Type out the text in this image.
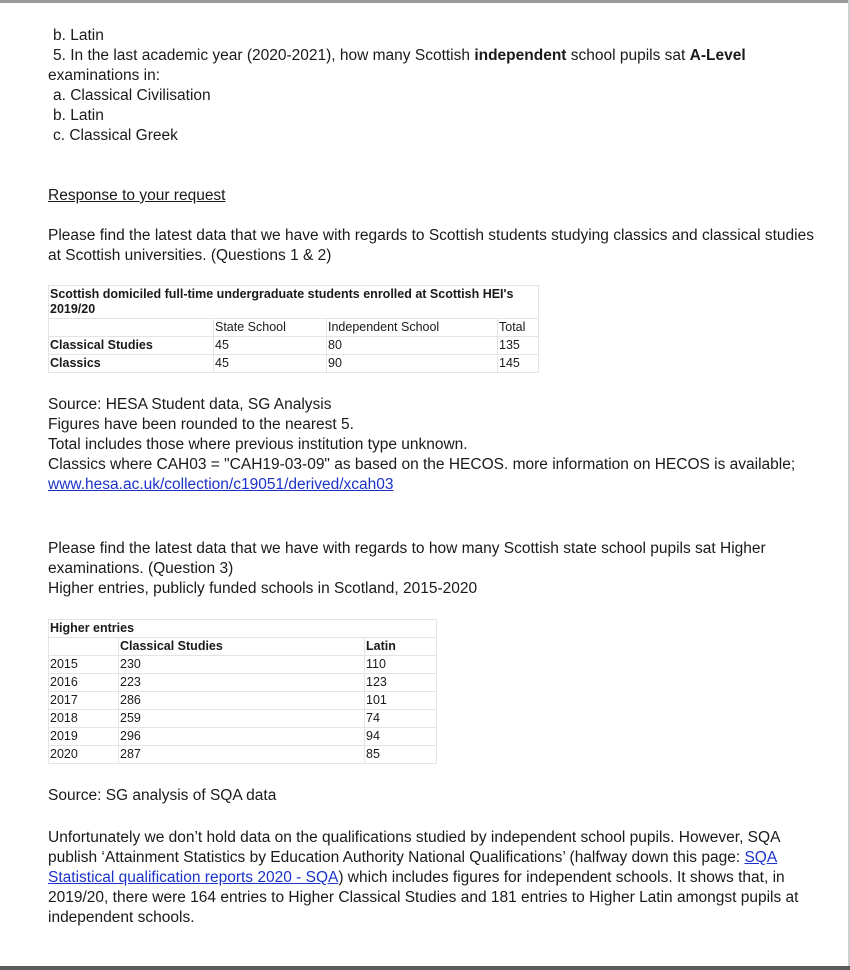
b. Latin

5. In the last academic year (2020-2021), how many Scottish independent school pupils sat A-Level

examinations in:

a. Classical Civilisation

b. Latin

c. Classical Greek

Response to your request

Please find the latest data that we have with regards to Scottish students studying classics and classical studies at Scottish universities. (Questions 1 & 2)

Scottish domiciled full-time undergraduate students enrolled at Scottish HEI's 2019/20			
	State School	Independent School	Total
Classical Studies	45	80	135
Classics	45	90	145

Source: HESA Student data, SG Analysis

Figures have been rounded to the nearest 5.

Total includes those where previous institution type unknown.

Classics where CAH03 = "CAH19-03-09" as based on the HECOS. more information on HECOS is available;

www.hesa.ac.uk/collection/c19051/derived/xcah03

Please find the latest data that we have with regards to how many Scottish state school pupils sat Higher examinations. (Question 3)

Higher entries, publicly funded schools in Scotland, 2015-2020

Higher entries		
	Classical Studies	Latin
2015	230	110
2016	223	123
2017	286	101
2018	259	74
2019	296	94
2020	287	85

Source: SG analysis of SQA data

Unfortunately we don’t hold data on the qualifications studied by independent school pupils. However, SQA publish ‘Attainment Statistics by Education Authority National Qualifications’ (halfway down this page: SQA Statistical qualification reports 2020 - SQA) which includes figures for independent schools. It shows that, in 2019/20, there were 164 entries to Higher Classical Studies and 181 entries to Higher Latin amongst pupils at independent schools.
